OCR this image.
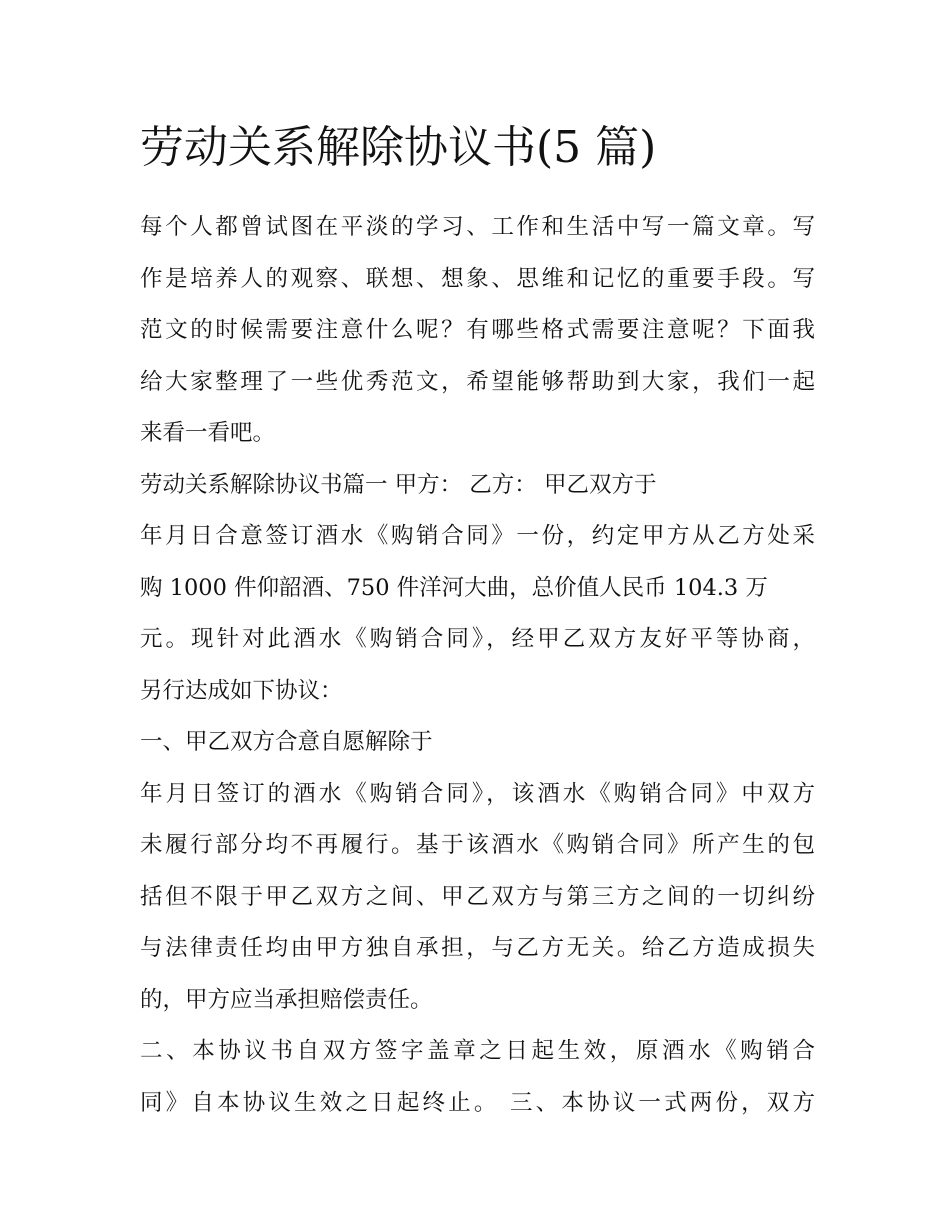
劳动关系解除协议书(5 篇)
每个人都曾试图在平淡的学习、工作和生活中写一篇文章。写
作是培养人的观察、联想、想象、思维和记忆的重要手段。写
范文的时候需要注意什么呢？有哪些格式需要注意呢？下面我
给大家整理了一些优秀范文，希望能够帮助到大家，我们一起
来看一看吧。
劳动关系解除协议书篇一 甲方： 乙方： 甲乙双方于
年月日合意签订酒水《购销合同》一份，约定甲方从乙方处采
购 1000 件仰韶酒、750 件洋河大曲，总价值人民币 104.3 万
元。现针对此酒水《购销合同》，经甲乙双方友好平等协商，
另行达成如下协议：
一、甲乙双方合意自愿解除于
年月日签订的酒水《购销合同》，该酒水《购销合同》中双方
未履行部分均不再履行。基于该酒水《购销合同》所产生的包
括但不限于甲乙双方之间、甲乙双方与第三方之间的一切纠纷
与法律责任均由甲方独自承担，与乙方无关。给乙方造成损失
的，甲方应当承担赔偿责任。
二、本协议书自双方签字盖章之日起生效，原酒水《购销合
同》自本协议生效之日起终止。 三、本协议一式两份，双方
